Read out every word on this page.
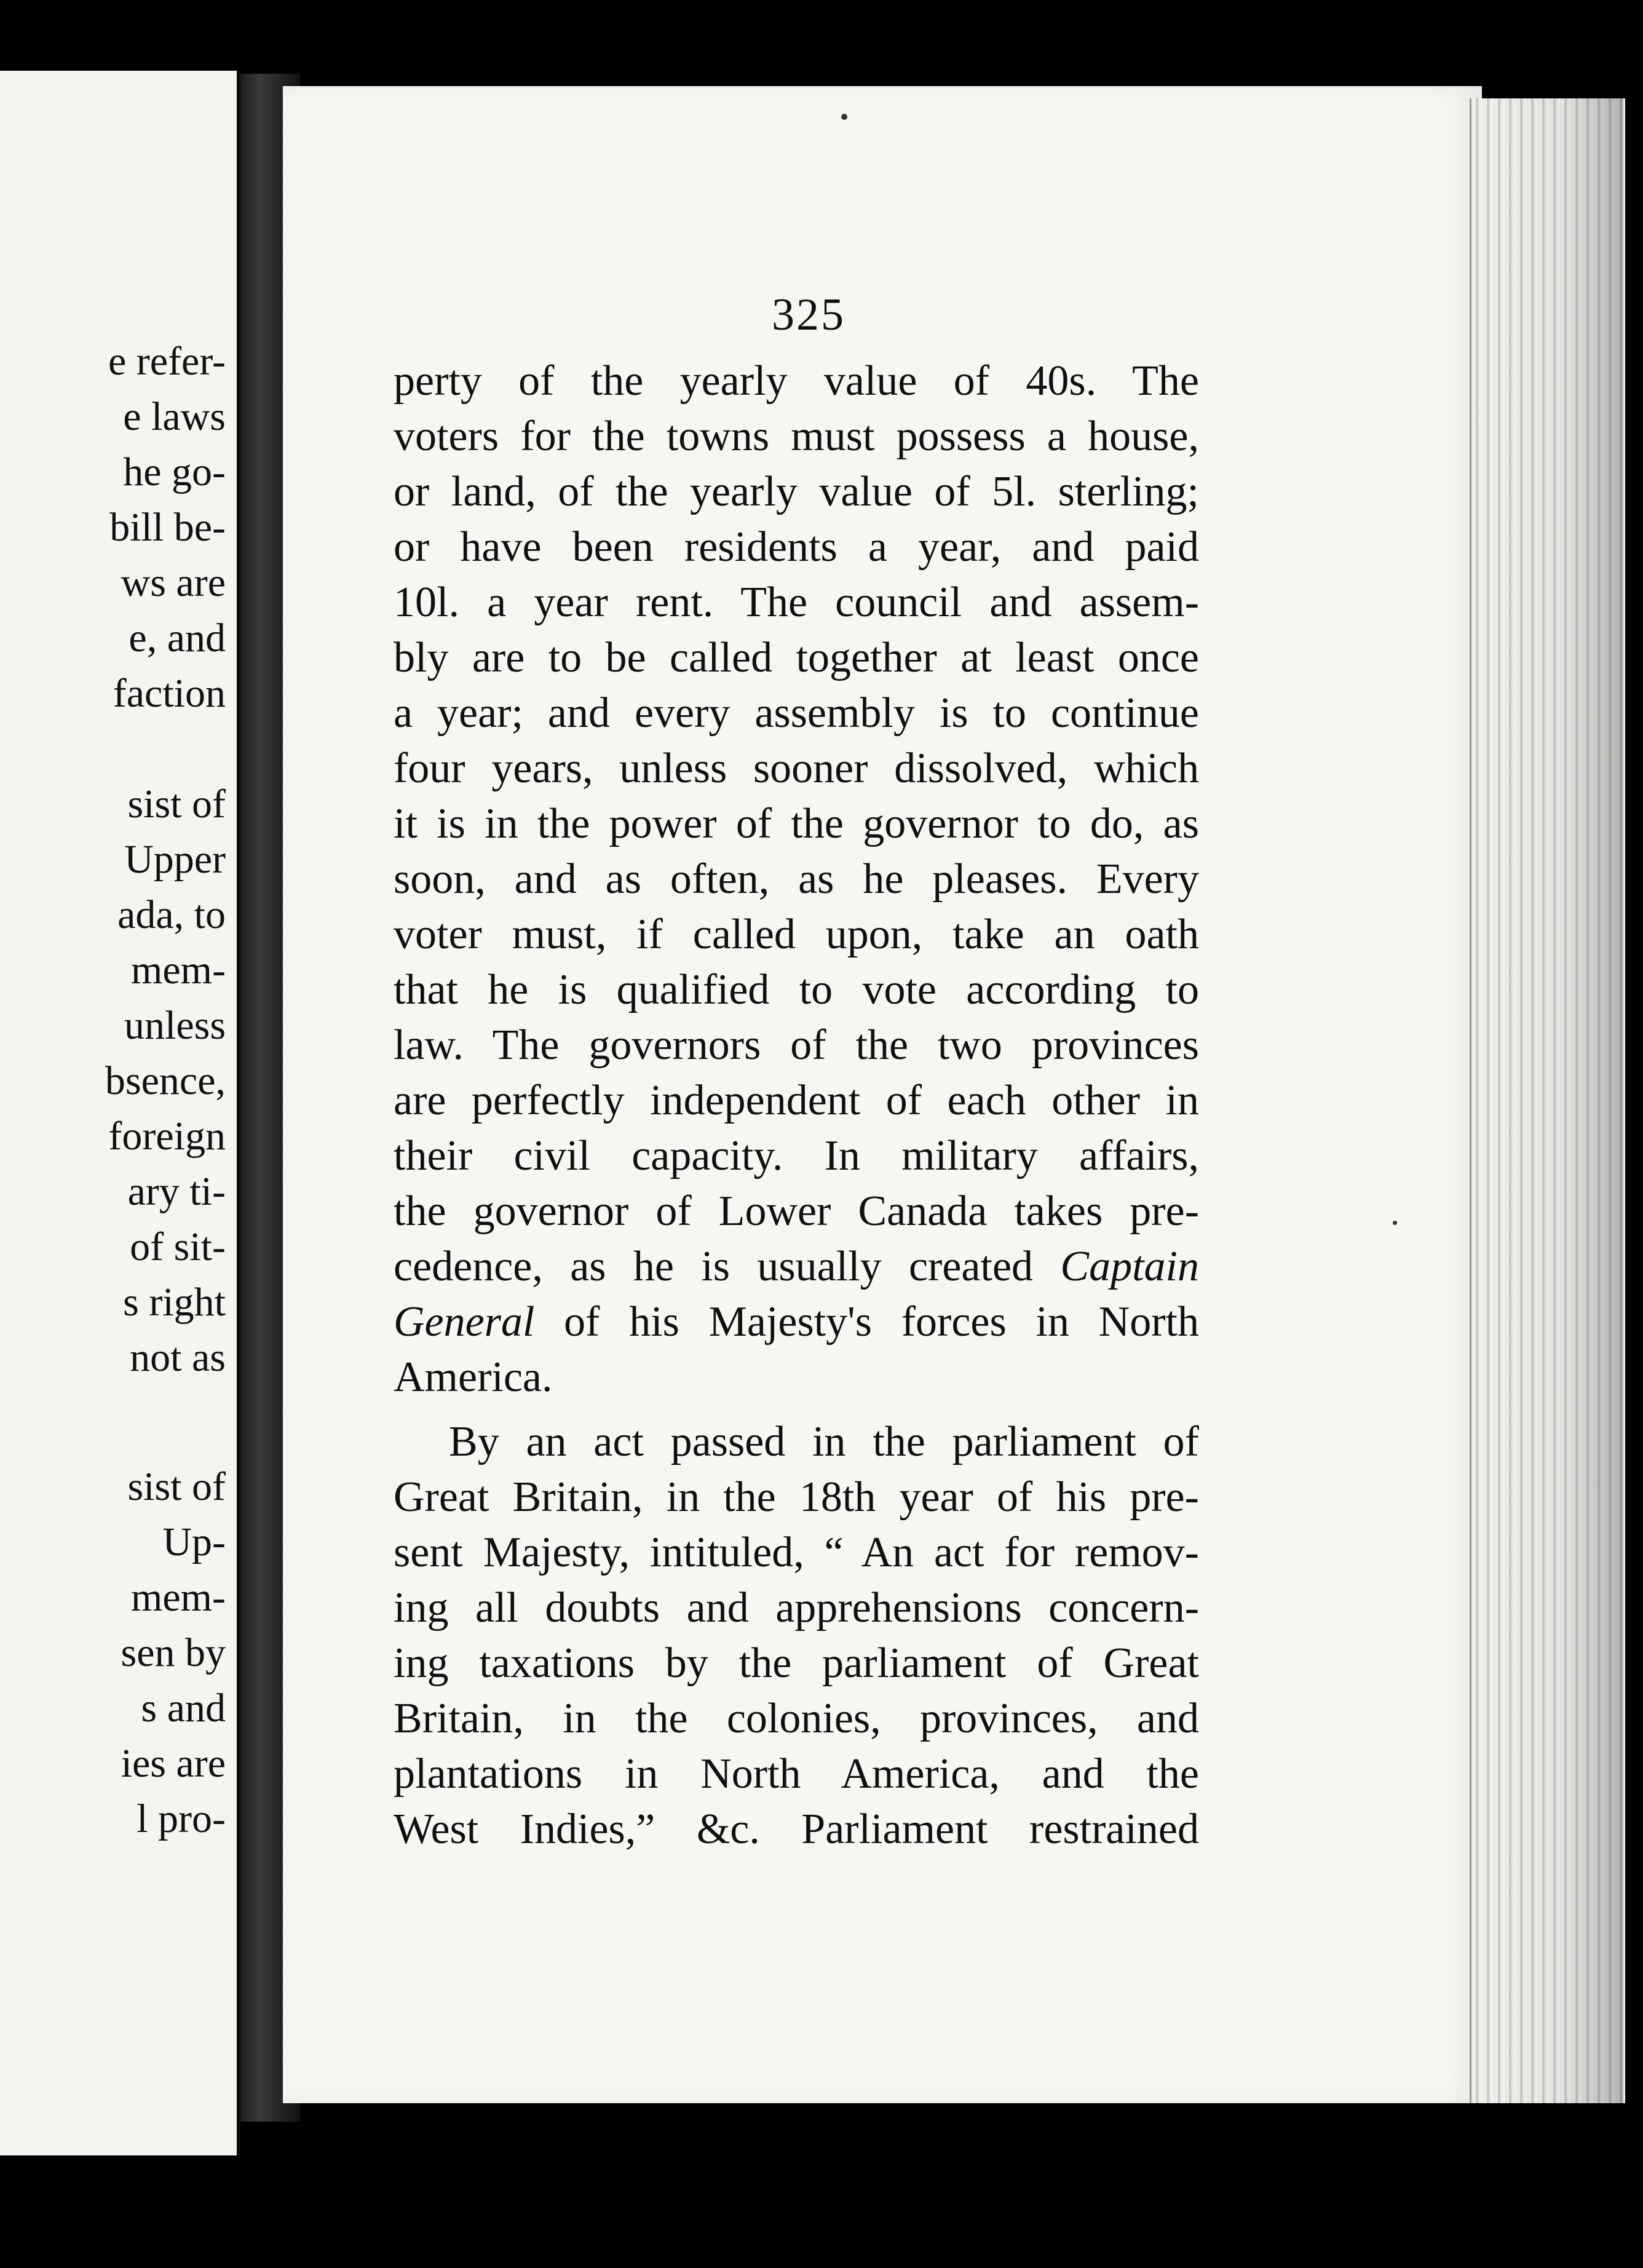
e refer-
e laws
he go-
bill be-
ws are
e, and
faction
sist of
Upper
ada, to
mem-
unless
bsence,
foreign
ary ti-
of sit-
s right
not as
sist of
Up-
mem-
sen by
s and
ies are
l pro-
325
perty of the yearly value of 40s. The
voters for the towns must possess a house,
or land, of the yearly value of 5l. sterling;
or have been residents a year, and paid
10l. a year rent. The council and assem-
bly are to be called together at least once
a year; and every assembly is to continue
four years, unless sooner dissolved, which
it is in the power of the governor to do, as
soon, and as often, as he pleases. Every
voter must, if called upon, take an oath
that he is qualified to vote according to
law. The governors of the two provinces
are perfectly independent of each other in
their civil capacity. In military affairs,
the governor of Lower Canada takes pre-
cedence, as he is usually created Captain
General of his Majesty's forces in North
America.
By an act passed in the parliament of
Great Britain, in the 18th year of his pre-
sent Majesty, intituled, “ An act for remov-
ing all doubts and apprehensions concern-
ing taxations by the parliament of Great
Britain, in the colonies, provinces, and
plantations in North America, and the
West Indies,” &c. Parliament restrained
